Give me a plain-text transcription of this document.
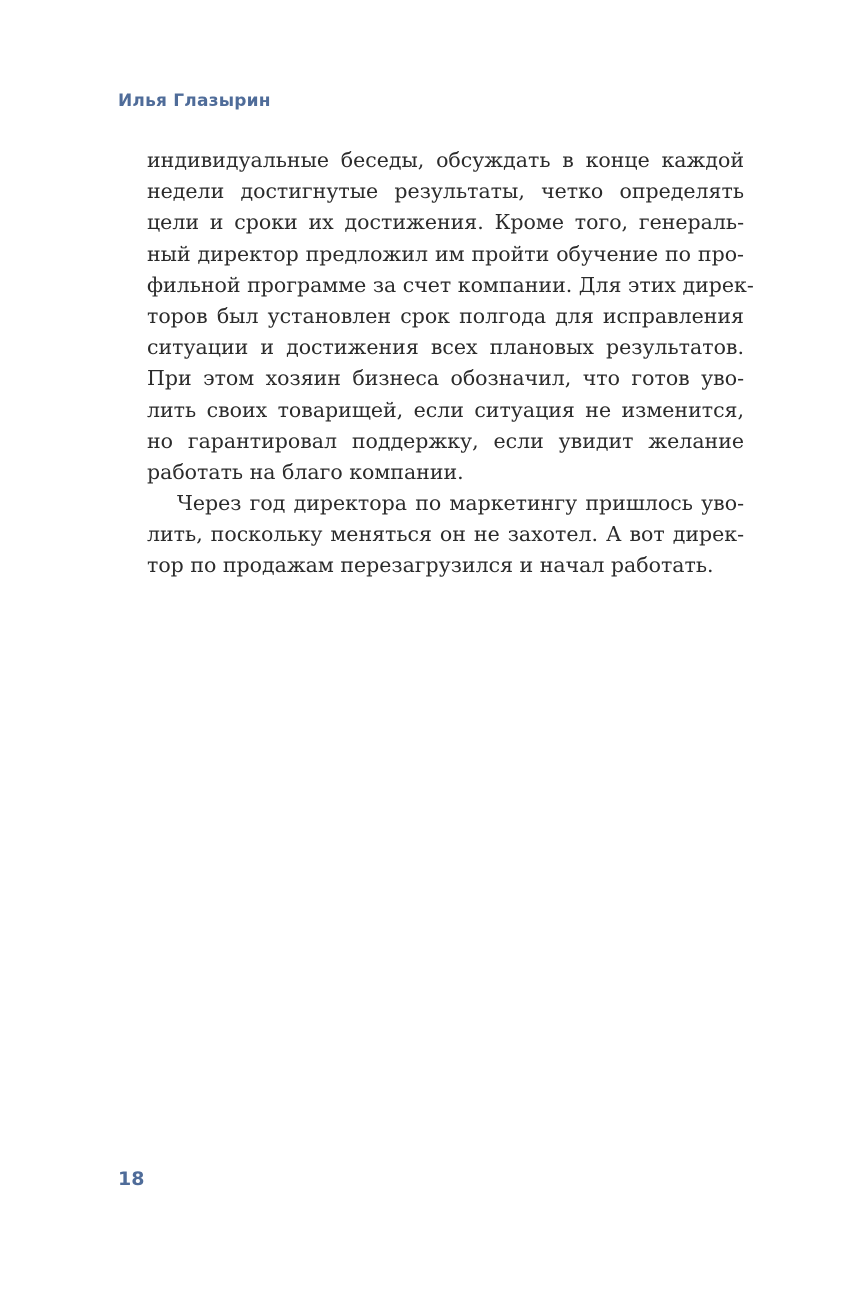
Илья Глазырин
индивидуальные беседы, обсуждать в конце каждой
недели достигнутые результаты, четко определять
цели и сроки их достижения. Кроме того, генераль-
ный директор предложил им пройти обучение по про-
фильной программе за счет компании. Для этих дирек-
торов был установлен срок полгода для исправления
ситуации и достижения всех плановых результатов.
При этом хозяин бизнеса обозначил, что готов уво-
лить своих товарищей, если ситуация не изменится,
но гарантировал поддержку, если увидит желание
работать на благо компании.
Через год директора по маркетингу пришлось уво-
лить, поскольку меняться он не захотел. А вот дирек-
тор по продажам перезагрузился и начал работать.
18
